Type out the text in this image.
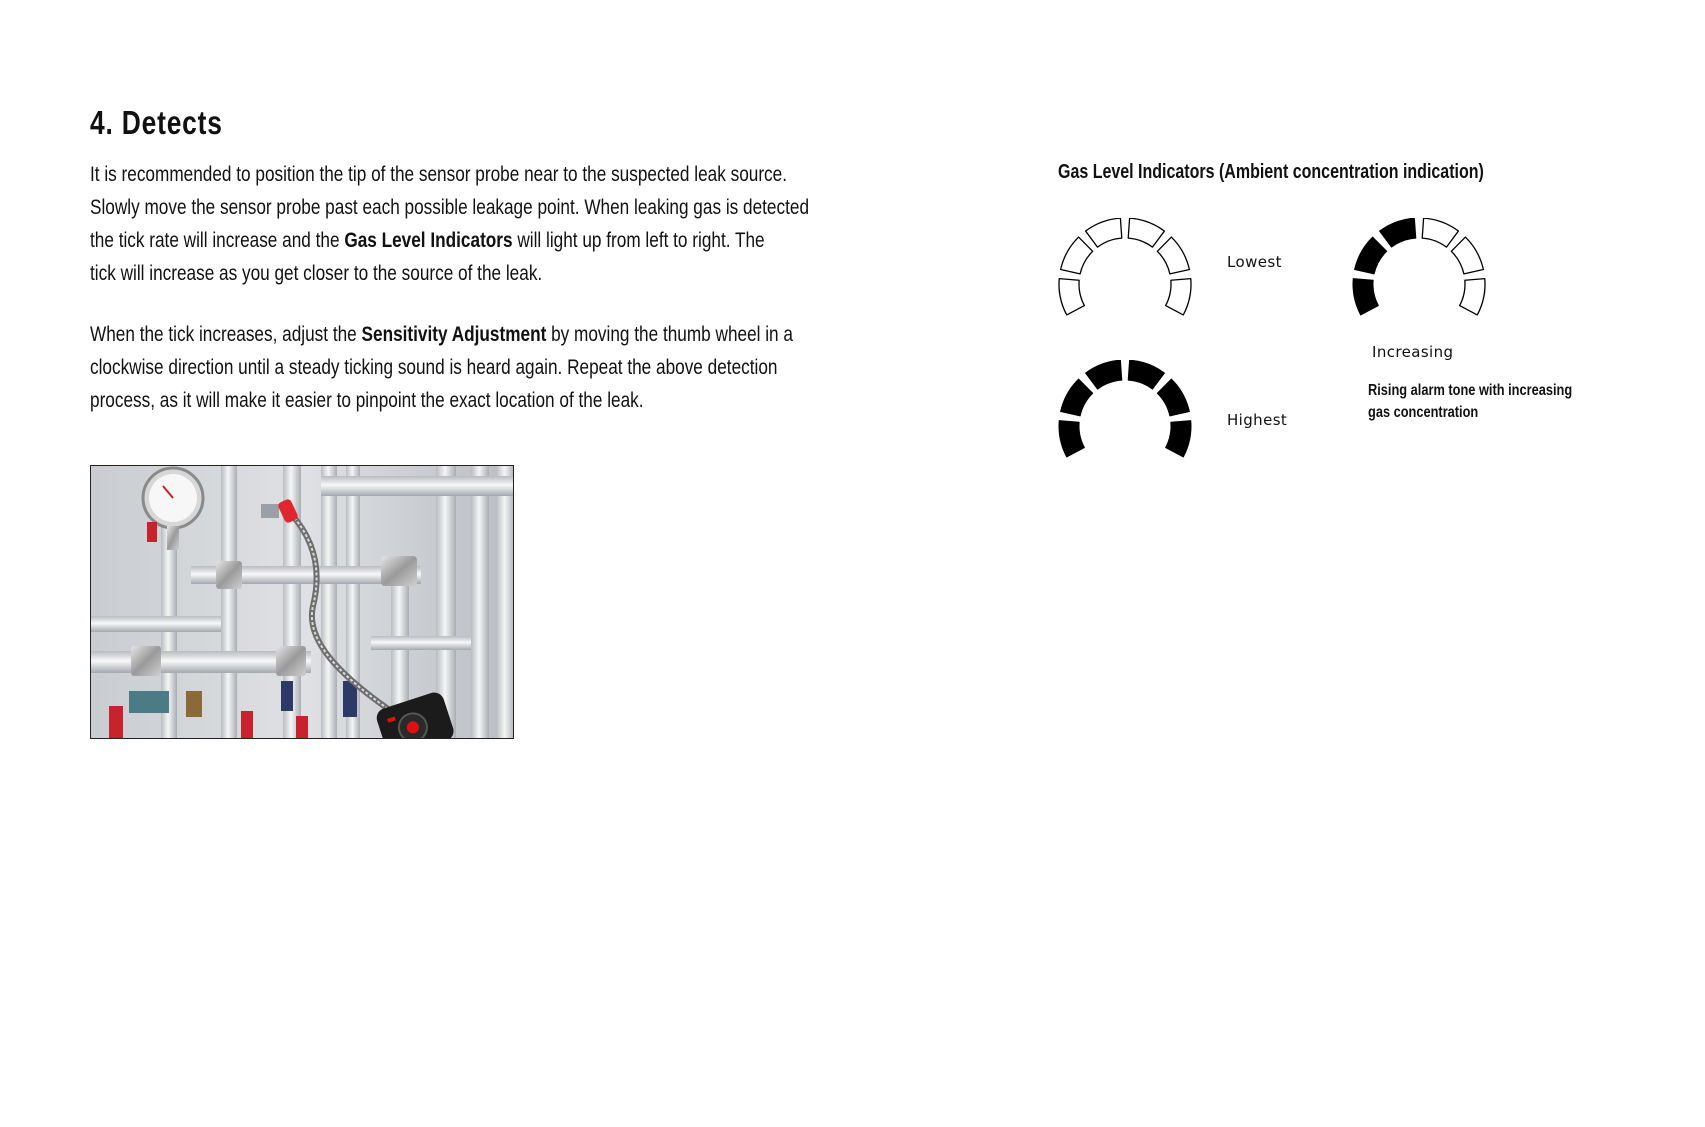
4. Detects
It is recommended to position the tip of the sensor probe near to the suspected leak source.
Slowly move the sensor probe past each possible leakage point. When leaking gas is detected
the tick rate will increase and the Gas Level Indicators will light up from left to right. The
tick will increase as you get closer to the source of the leak.
When the tick increases, adjust the Sensitivity Adjustment by moving the thumb wheel in a
clockwise direction until a steady ticking sound is heard again. Repeat the above detection
process, as it will make it easier to pinpoint the exact location of the leak.
Gas Level Indicators (Ambient concentration indication)
Lowest
Increasing
Highest
Rising alarm tone with increasing
gas concentration
